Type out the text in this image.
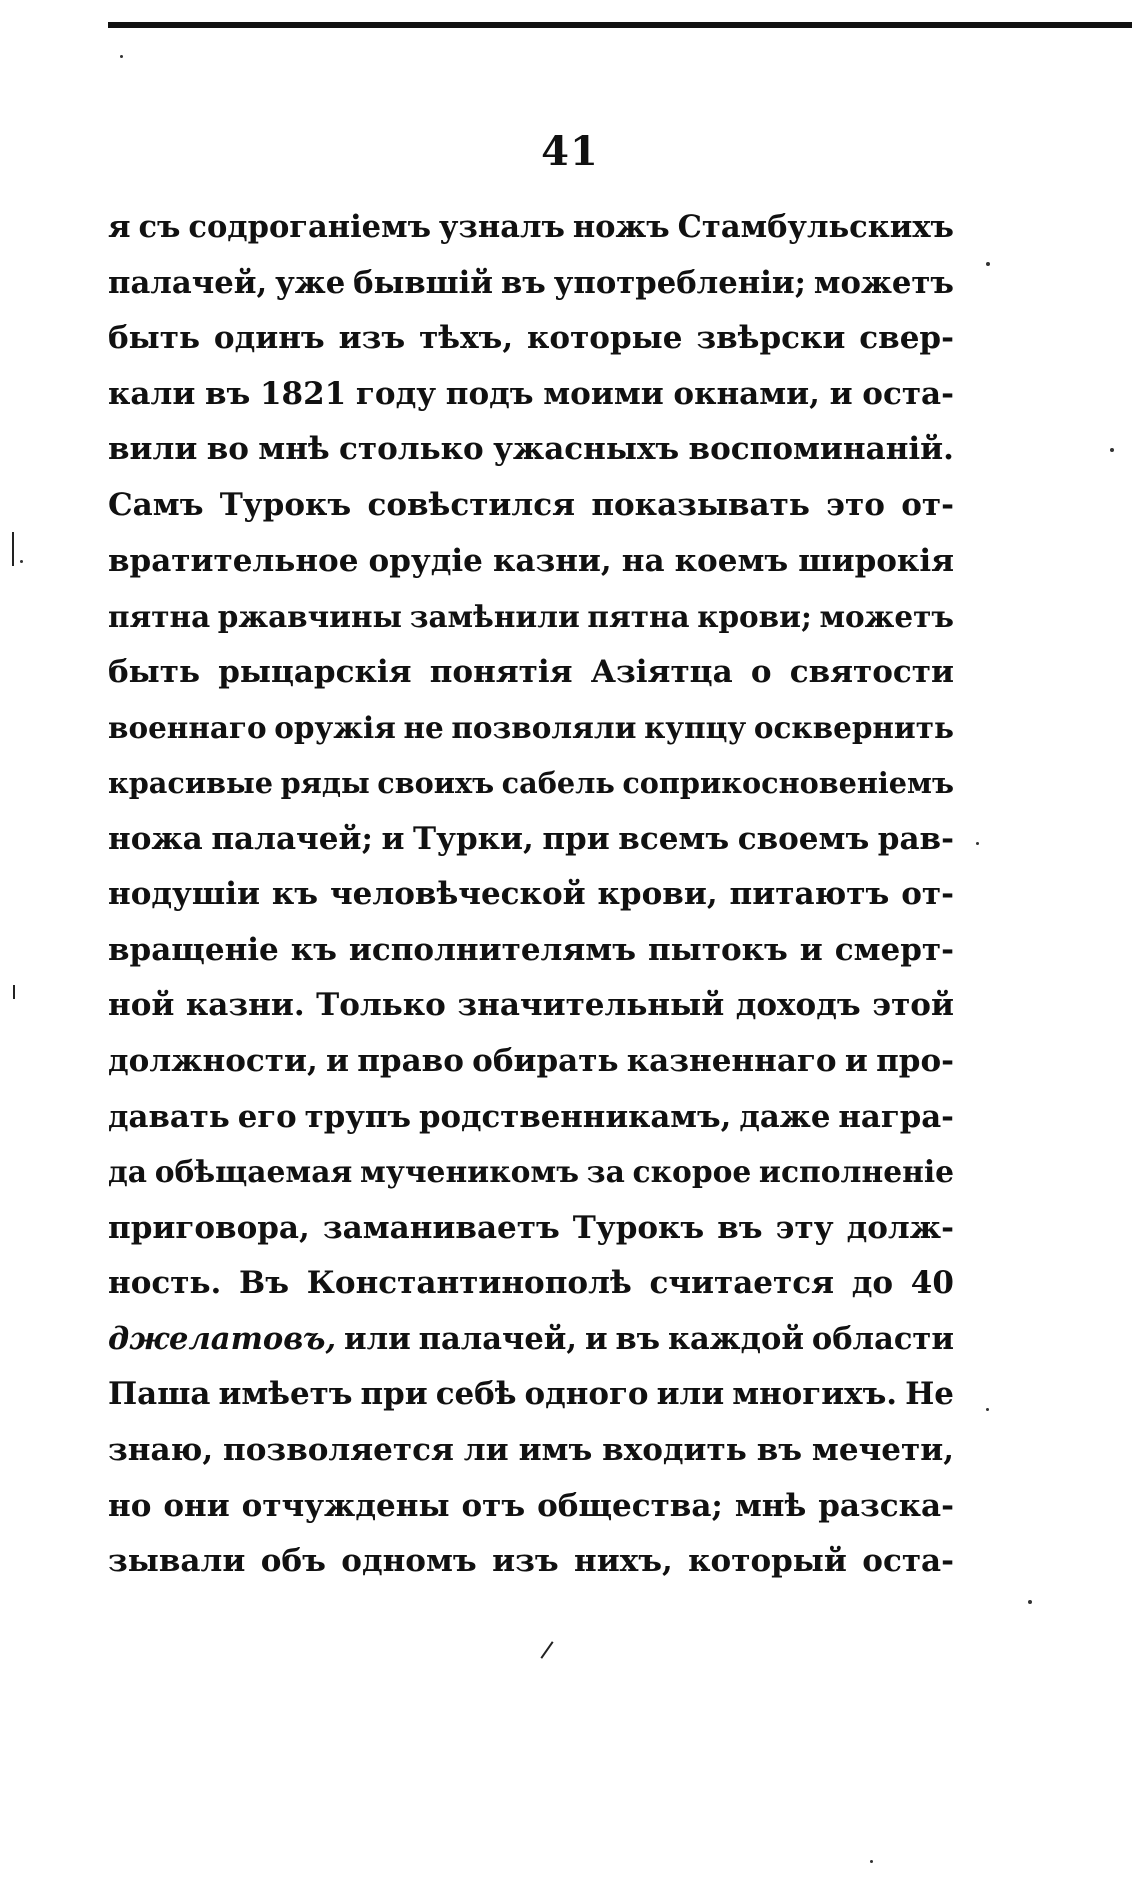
41
я съ содроганіемъ узналъ ножъ Стамбульскихъ
палачей, уже бывшій въ употребленіи; можетъ
быть одинъ изъ тѣхъ, которые звѣрски свер-
кали въ 1821 году подъ моими окнами, и оста-
вили во мнѣ столько ужасныхъ воспоминаній.
Самъ Турокъ совѣстился показывать это от-
вратительное орудіе казни, на коемъ широкія
пятна ржавчины замѣнили пятна крови; можетъ
быть рыцарскія понятія Азіятца о святости
военнаго оружія не позволяли купцу осквернить
красивые ряды своихъ сабель соприкосновеніемъ
ножа палачей; и Турки, при всемъ своемъ рав-
нодушіи къ человѣческой крови, питаютъ от-
вращеніе къ исполнителямъ пытокъ и смерт-
ной казни. Только значительный доходъ этой
должности, и право обирать казненнаго и про-
давать его трупъ родственникамъ, даже награ-
да обѣщаемая мученикомъ за скорое исполненіе
приговора, заманиваетъ Турокъ въ эту долж-
ность. Въ Константинополѣ считается до 40
джелатовъ, или палачей, и въ каждой области
Паша имѣетъ при себѣ одного или многихъ. Не
знаю, позволяется ли имъ входить въ мечети,
но они отчуждены отъ общества; мнѣ разска-
зывали объ одномъ изъ нихъ, который оста-
